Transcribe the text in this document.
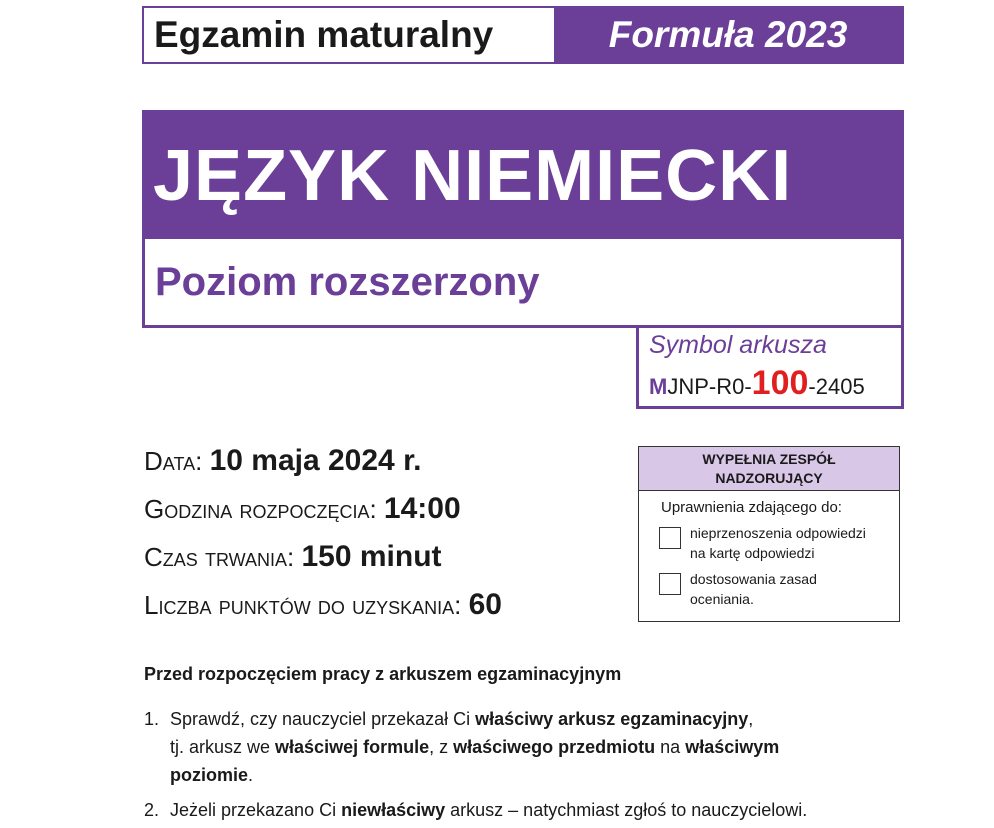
Egzamin maturalny	Formuła 2023
JĘZYK NIEMIECKI
Poziom rozszerzony
Symbol arkusza
MJNP-R0-100-2405
Data: 10 maja 2024 r.
Godzina rozpoczęcia: 14:00
Czas trwania: 150 minut
Liczba punktów do uzyskania: 60
WYPEŁNIA ZESPÓŁ
NADZORUJĄCY
Uprawnienia zdającego do:
nieprzenoszenia odpowiedzi
na kartę odpowiedzi
dostosowania zasad
oceniania.
Przed rozpoczęciem pracy z arkuszem egzaminacyjnym
1. Sprawdź, czy nauczyciel przekazał Ci właściwy arkusz egzaminacyjny,
tj. arkusz we właściwej formule, z właściwego przedmiotu na właściwym
poziomie.
2. Jeżeli przekazano Ci niewłaściwy arkusz – natychmiast zgłoś to nauczycielowi.
